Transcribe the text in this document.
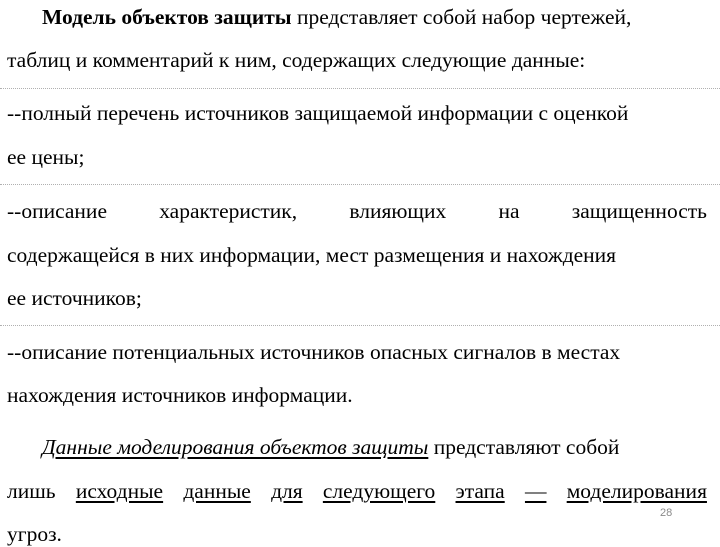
Модель объектов защиты представляет собой набор чертежей,
таблиц и комментарий к ним, содержащих следующие данные:
--полный перечень источников защищаемой информации с оценкой
ее цены;
--описание характеристик, влияющих на защищенность
содержащейся в них информации, мест размещения и нахождения
ее источников;
--описание потенциальных источников опасных сигналов в местах
нахождения источников информации.
Данные моделирования объектов защиты представляют собой
лишь исходные данные для следующего этапа — моделирования
угроз.
28
